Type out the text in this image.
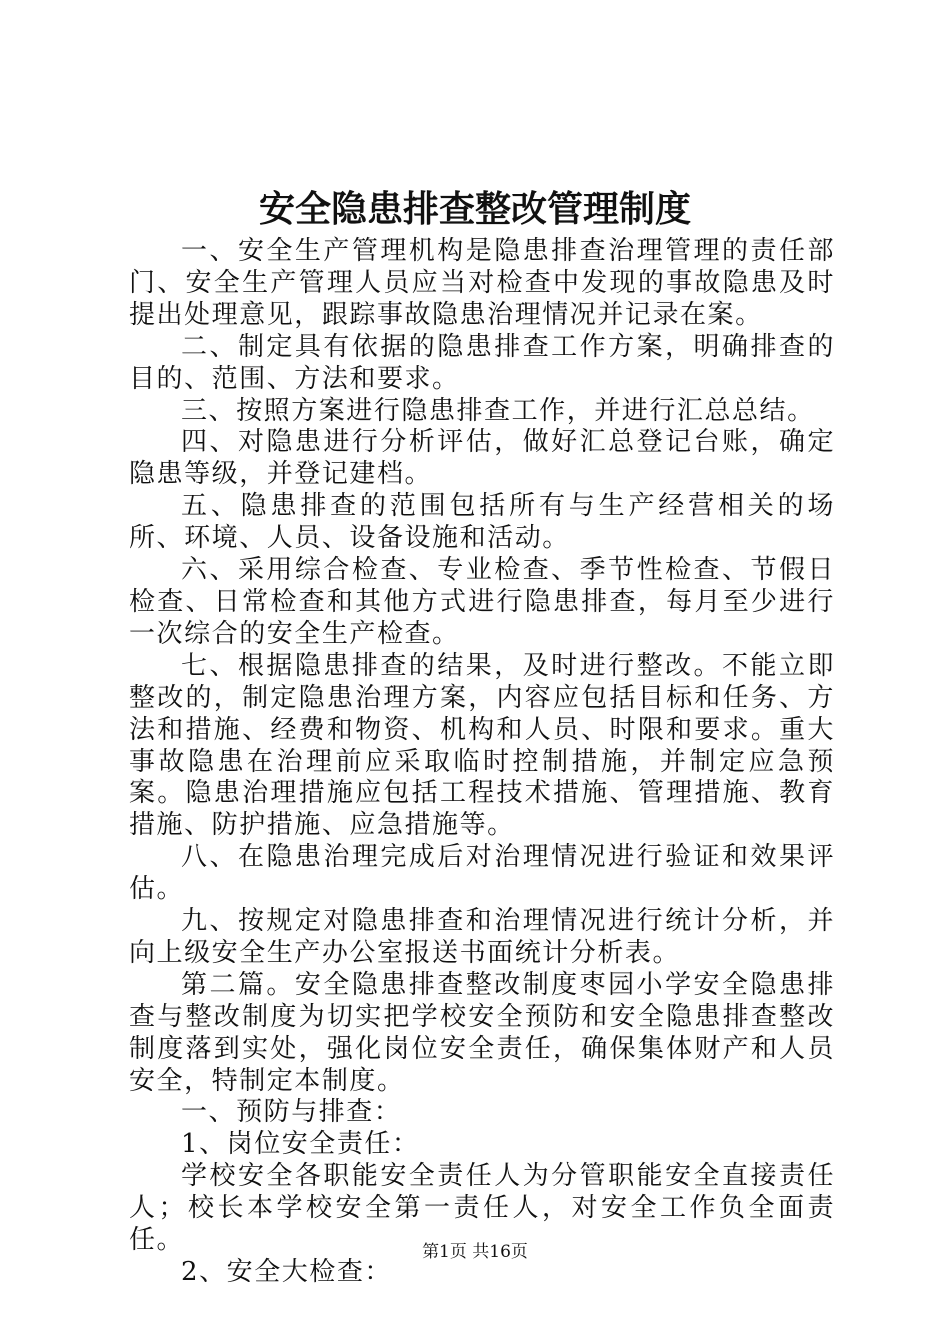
安全隐患排查整改管理制度

一、安全生产管理机构是隐患排查治理管理的责任部门、安全生产管理人员应当对检查中发现的事故隐患及时提出处理意见，跟踪事故隐患治理情况并记录在案。

二、制定具有依据的隐患排查工作方案，明确排查的目的、范围、方法和要求。

三、按照方案进行隐患排查工作，并进行汇总总结。

四、对隐患进行分析评估，做好汇总登记台账，确定隐患等级，并登记建档。

五、隐患排查的范围包括所有与生产经营相关的场所、环境、人员、设备设施和活动。

六、采用综合检查、专业检查、季节性检查、节假日检查、日常检查和其他方式进行隐患排查，每月至少进行一次综合的安全生产检查。

七、根据隐患排查的结果，及时进行整改。不能立即整改的，制定隐患治理方案，内容应包括目标和任务、方法和措施、经费和物资、机构和人员、时限和要求。重大事故隐患在治理前应采取临时控制措施，并制定应急预案。隐患治理措施应包括工程技术措施、管理措施、教育措施、防护措施、应急措施等。

八、在隐患治理完成后对治理情况进行验证和效果评估。

九、按规定对隐患排查和治理情况进行统计分析，并向上级安全生产办公室报送书面统计分析表。

第二篇。安全隐患排查整改制度枣园小学安全隐患排查与整改制度为切实把学校安全预防和安全隐患排查整改制度落到实处，强化岗位安全责任，确保集体财产和人员安全，特制定本制度。

一、预防与排查：

1、岗位安全责任：

学校安全各职能安全责任人为分管职能安全直接责任人；校长本学校安全第一责任人，对安全工作负全面责任。

2、安全大检查：

第1页 共16页
